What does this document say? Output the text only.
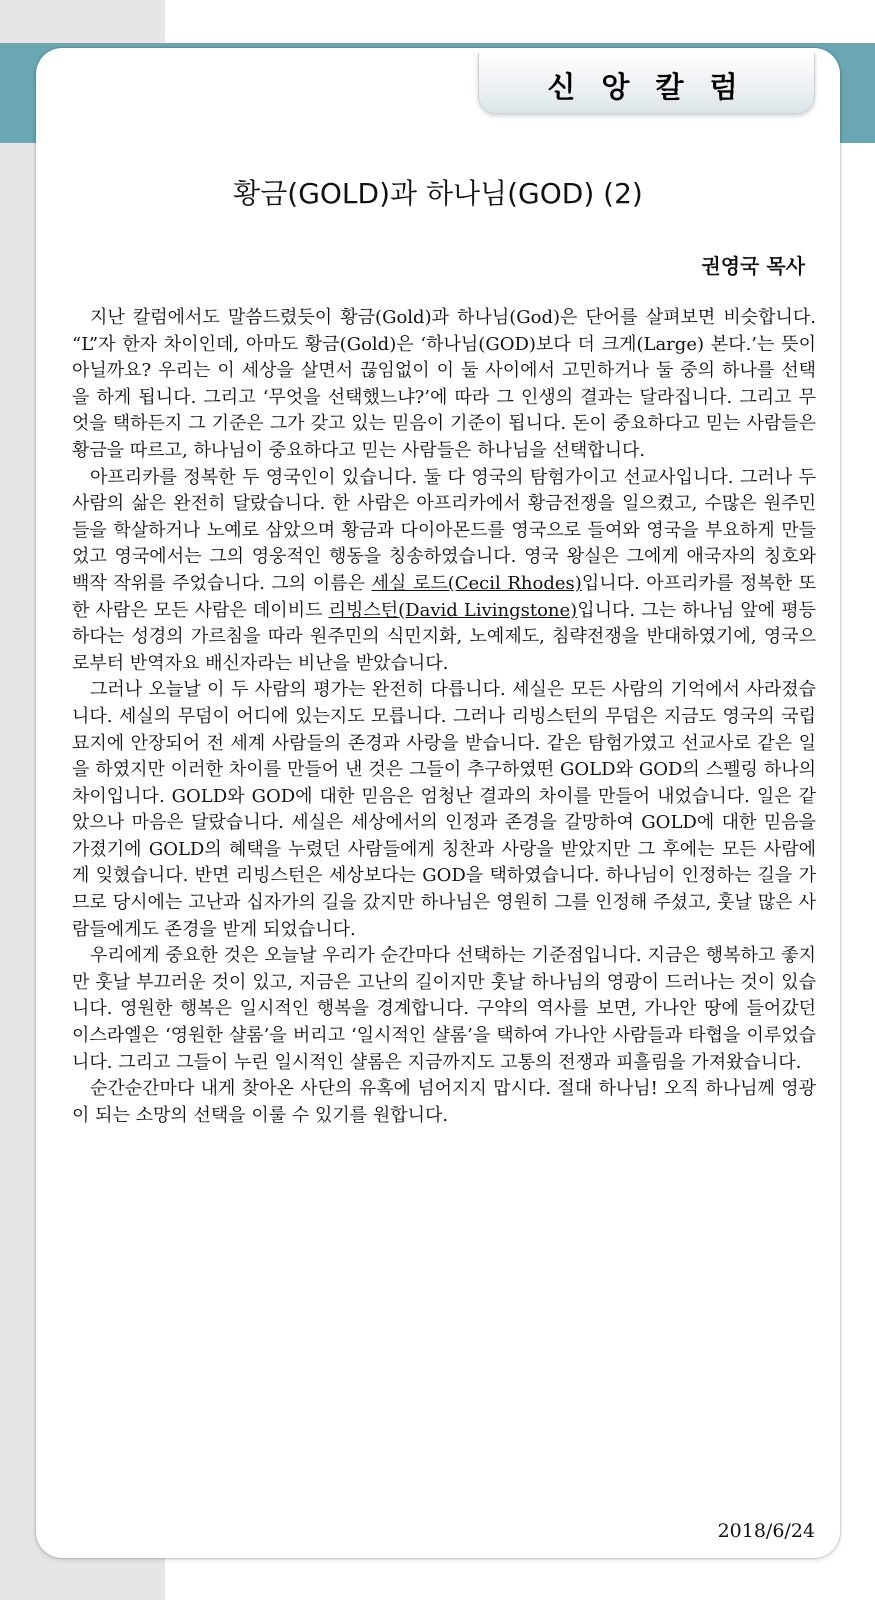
신 앙 칼 럼
황금(GOLD)과 하나님(GOD) (2)
권영국 목사

지난 칼럼에서도 말씀드렸듯이 황금(Gold)과 하나님(God)은 단어를 살펴보면 비슷합니다. “L”자 한자 차이인데, 아마도 황금(Gold)은 ‘하나님(GOD)보다 더 크게(Large) 본다.’는 뜻이 아닐까요? 우리는 이 세상을 살면서 끊임없이 이 둘 사이에서 고민하거나 둘 중의 하나를 선택을 하게 됩니다. 그리고 ‘무엇을 선택했느냐?’에 따라 그 인생의 결과는 달라집니다. 그리고 무엇을 택하든지 그 기준은 그가 갖고 있는 믿음이 기준이 됩니다. 돈이 중요하다고 믿는 사람들은 황금을 따르고, 하나님이 중요하다고 믿는 사람들은 하나님을 선택합니다.

아프리카를 정복한 두 영국인이 있습니다. 둘 다 영국의 탐험가이고 선교사입니다. 그러나 두 사람의 삶은 완전히 달랐습니다. 한 사람은 아프리카에서 황금전쟁을 일으켰고, 수많은 원주민들을 학살하거나 노예로 삼았으며 황금과 다이아몬드를 영국으로 들여와 영국을 부요하게 만들었고 영국에서는 그의 영웅적인 행동을 칭송하였습니다. 영국 왕실은 그에게 애국자의 칭호와 백작 작위를 주었습니다. 그의 이름은 세실 로드(Cecil Rhodes)입니다. 아프리카를 정복한 또 한 사람은 모든 사람은 데이비드 리빙스턴(David Livingstone)입니다. 그는 하나님 앞에 평등하다는 성경의 가르침을 따라 원주민의 식민지화, 노예제도, 침략전쟁을 반대하였기에, 영국으로부터 반역자요 배신자라는 비난을 받았습니다.

그러나 오늘날 이 두 사람의 평가는 완전히 다릅니다. 세실은 모든 사람의 기억에서 사라졌습니다. 세실의 무덤이 어디에 있는지도 모릅니다. 그러나 리빙스턴의 무덤은 지금도 영국의 국립묘지에 안장되어 전 세계 사람들의 존경과 사랑을 받습니다. 같은 탐험가였고 선교사로 같은 일을 하였지만 이러한 차이를 만들어 낸 것은 그들이 추구하였떤 GOLD와 GOD의 스펠링 하나의 차이입니다. GOLD와 GOD에 대한 믿음은 엄청난 결과의 차이를 만들어 내었습니다. 일은 같았으나 마음은 달랐습니다. 세실은 세상에서의 인정과 존경을 갈망하여 GOLD에 대한 믿음을 가졌기에 GOLD의 혜택을 누렸던 사람들에게 칭찬과 사랑을 받았지만 그 후에는 모든 사람에게 잊혔습니다. 반면 리빙스턴은 세상보다는 GOD을 택하였습니다. 하나님이 인정하는 길을 가므로 당시에는 고난과 십자가의 길을 갔지만 하나님은 영원히 그를 인정해 주셨고, 훗날 많은 사람들에게도 존경을 받게 되었습니다.

우리에게 중요한 것은 오늘날 우리가 순간마다 선택하는 기준점입니다. 지금은 행복하고 좋지만 훗날 부끄러운 것이 있고, 지금은 고난의 길이지만 훗날 하나님의 영광이 드러나는 것이 있습니다. 영원한 행복은 일시적인 행복을 경계합니다. 구약의 역사를 보면, 가나안 땅에 들어갔던 이스라엘은 ‘영원한 샬롬’을 버리고 ‘일시적인 샬롬’을 택하여 가나안 사람들과 타협을 이루었습니다. 그리고 그들이 누린 일시적인 샬롬은 지금까지도 고통의 전쟁과 피흘림을 가져왔습니다.

순간순간마다 내게 찾아온 사단의 유혹에 넘어지지 맙시다. 절대 하나님! 오직 하나님께 영광이 되는 소망의 선택을 이룰 수 있기를 원합니다.

2018/6/24
